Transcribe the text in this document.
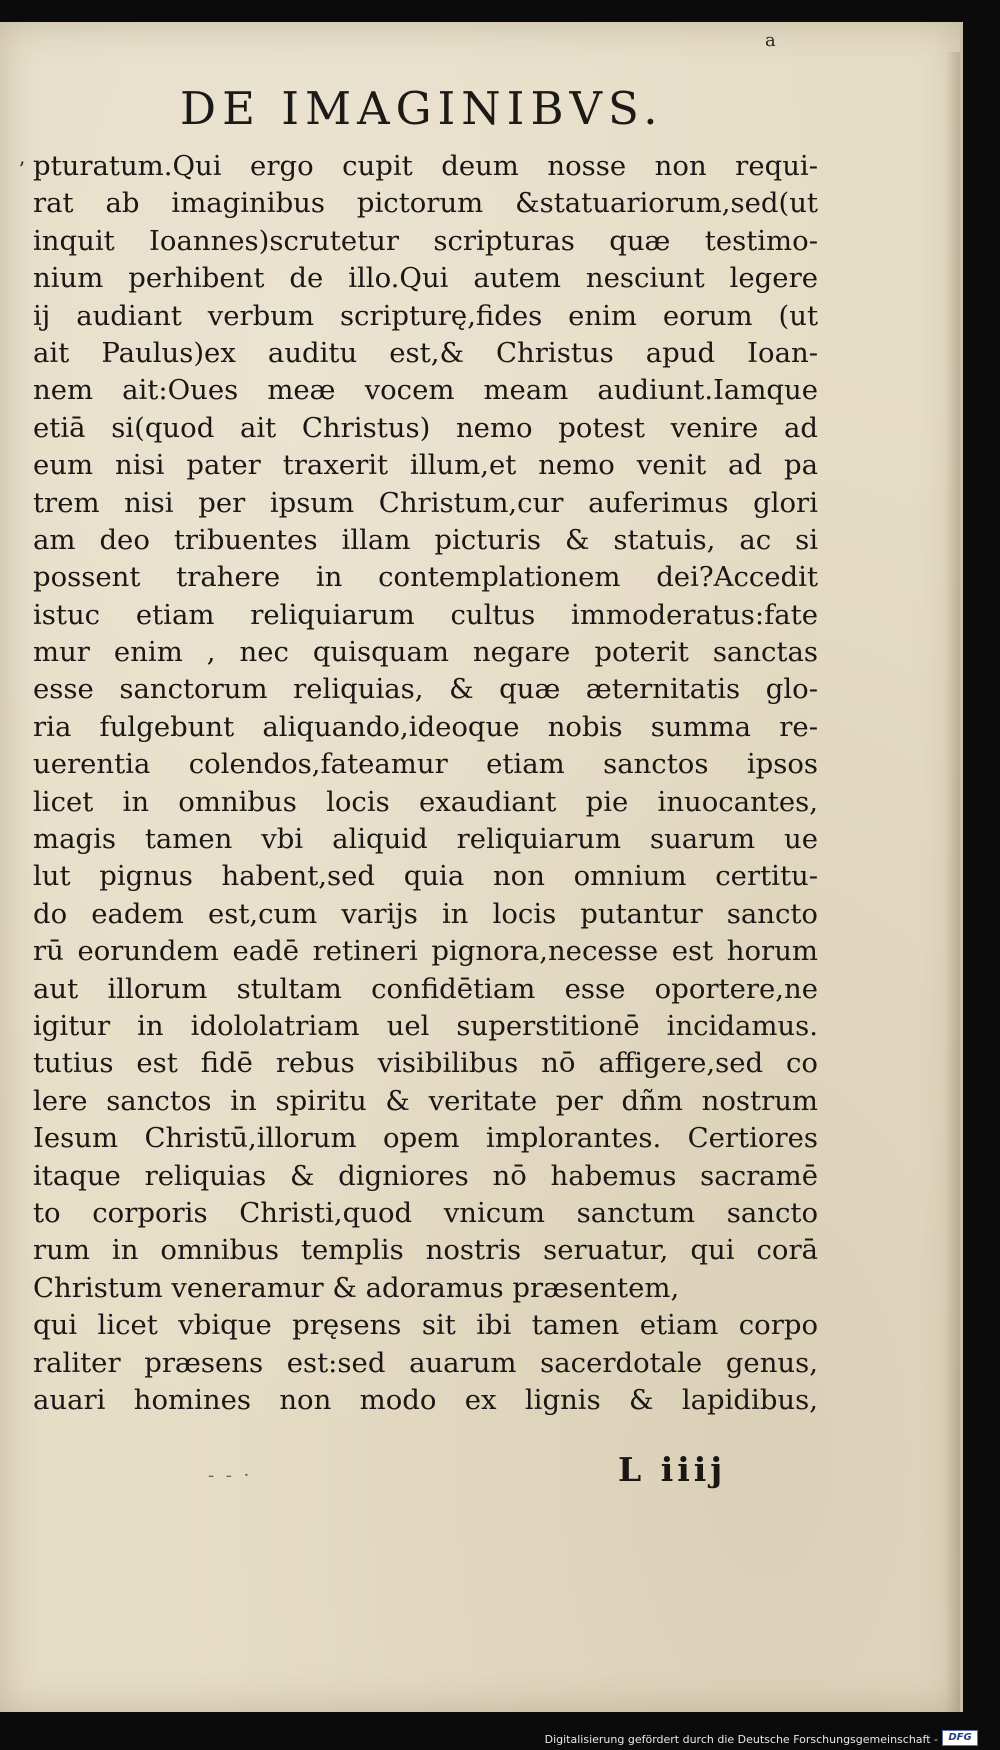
a
DE IMAGINIBVS.
ʼ pturatum.Qui ergo cupit deum nosse non requi-
rat ab imaginibus pictorum &statuariorum,sed(ut
inquit Ioannes)scrutetur scripturas quæ testimo-
nium perhibent de illo.Qui autem nesciunt legere
ij audiant verbum scripturę,fides enim eorum (ut
ait Paulus)ex auditu est,& Christus apud Ioan-
nem ait:Oues meæ vocem meam audiunt.Iamque
etiā si(quod ait Christus) nemo potest venire ad
eum nisi pater traxerit illum,et nemo venit ad pa
trem nisi per ipsum Christum,cur auferimus glori
am deo tribuentes illam picturis & statuis, ac si
possent trahere in contemplationem dei?Accedit
istuc etiam reliquiarum cultus immoderatus:fate
mur enim , nec quisquam negare poterit sanctas
esse sanctorum reliquias, & quæ æternitatis glo-
ria fulgebunt aliquando,ideoque nobis summa re-
uerentia colendos,fateamur etiam sanctos ipsos
licet in omnibus locis exaudiant pie inuocantes,
magis tamen vbi aliquid reliquiarum suarum ue
lut pignus habent,sed quia non omnium certitu-
do eadem est,cum varijs in locis putantur sancto
rū eorundem eadē retineri pignora,necesse est horum
aut illorum stultam confidētiam esse oportere,ne
igitur in idololatriam uel superstitionē incidamus.
tutius est fidē rebus visibilibus nō affigere,sed co
lere sanctos in spiritu & veritate per dñm nostrum
Iesum Christū,illorum opem implorantes. Certiores
itaque reliquias & digniores nō habemus sacramē
to corporis Christi,quod vnicum sanctum sancto
rum in omnibus templis nostris seruatur, qui corā
Christum veneramur & adoramus præsentem,
qui licet vbique pręsens sit ibi tamen etiam corpo
raliter præsens est:sed auarum sacerdotale genus,
auari homines non modo ex lignis & lapidibus,
- - ·	L iiij
Digitalisierung gefördert durch die Deutsche Forschungsgemeinschaft -	DFG
